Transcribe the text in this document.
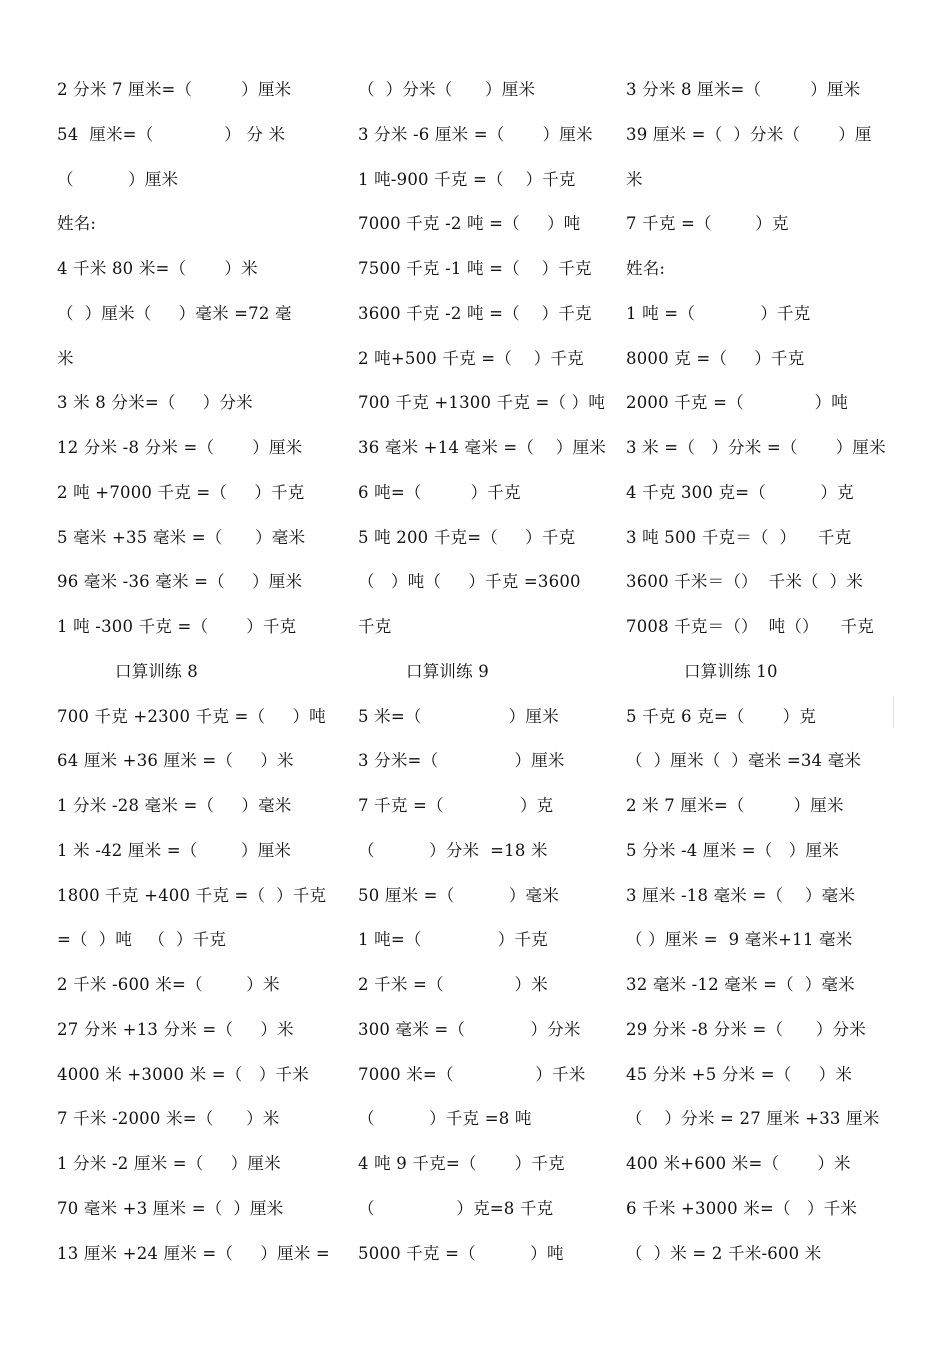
2 分米 7 厘米=（         ）厘米
54  厘米=（             ） 分 米
（          ）厘米
姓名:
4 千米 80 米=（       ）米
（  ）厘米（     ）毫米 =72 毫
米
3 米 8 分米=（     ）分米
12 分米 -8 分米 =（       ）厘米
2 吨 +7000 千克 =（     ）千克
5 毫米 +35 毫米 =（      ）毫米
96 毫米 -36 毫米 =（     ）厘米
1 吨 -300 千克 =（       ）千克
口算训练 8
700 千克 +2300 千克 =（     ）吨
64 厘米 +36 厘米 =（     ）米
1 分米 -28 毫米 =（     ）毫米
1 米 -42 厘米 =（        ）厘米
1800 千克 +400 千克 =（  ）千克
=（  ）吨   （  ）千克
2 千米 -600 米=（        ）米
27 分米 +13 分米 =（     ）米
4000 米 +3000 米 =（   ）千米
7 千米 -2000 米=（      ）米
1 分米 -2 厘米 =（     ）厘米
70 毫米 +3 厘米 =（  ）厘米
13 厘米 +24 厘米 =（     ）厘米 =
（  ）分米（      ）厘米
3 分米 -6 厘米 =（       ）厘米
1 吨-900 千克 =（    ）千克
7000 千克 -2 吨 =（     ）吨
7500 千克 -1 吨 =（    ）千克
3600 千克 -2 吨 =（    ）千克
2 吨+500 千克 =（    ）千克
700 千克 +1300 千克 =（ ）吨
36 毫米 +14 毫米 =（    ）厘米
6 吨=（         ）千克
5 吨 200 千克=（     ）千克
（   ）吨（     ）千克 =3600
千克
口算训练 9
5 米=（                ）厘米
3 分米=（              ）厘米
7 千克 =（              ）克
（          ）分米  =18 米
50 厘米 =（          ）毫米
1 吨=（              ）千克
2 千米 =（             ）米
300 毫米 =（            ）分米
7000 米=（               ）千米
（          ）千克 =8 吨
4 吨 9 千克=（       ）千克
（               ）克=8 千克
5000 千克 =（          ）吨
3 分米 8 厘米=（         ）厘米
39 厘米 =（  ）分米（       ）厘
米
7 千克 =（        ）克
姓名:
1 吨 =（            ）千克
8000 克 =（     ）千克
2000 千克 =（             ）吨
3 米 =（   ）分米 =（       ）厘米
4 千克 300 克=（          ）克
3 吨 500 千克＝（  ）    千克
3600 千米＝（）  千米（  ）米
7008 千克＝（）  吨（）    千克
口算训练 10
5 千克 6 克=（       ）克
（  ）厘米（  ）毫米 =34 毫米
2 米 7 厘米=（         ）厘米
5 分米 -4 厘米 =（   ）厘米
3 厘米 -18 毫米 =（    ）毫米
（ ）厘米 =  9 毫米+11 毫米
32 毫米 -12 毫米 =（  ）毫米
29 分米 -8 分米 =（      ）分米
45 分米 +5 分米 =（     ）米
（    ）分米 = 27 厘米 +33 厘米
400 米+600 米=（       ）米
6 千米 +3000 米=（   ）千米
（  ）米 = 2 千米-600 米
